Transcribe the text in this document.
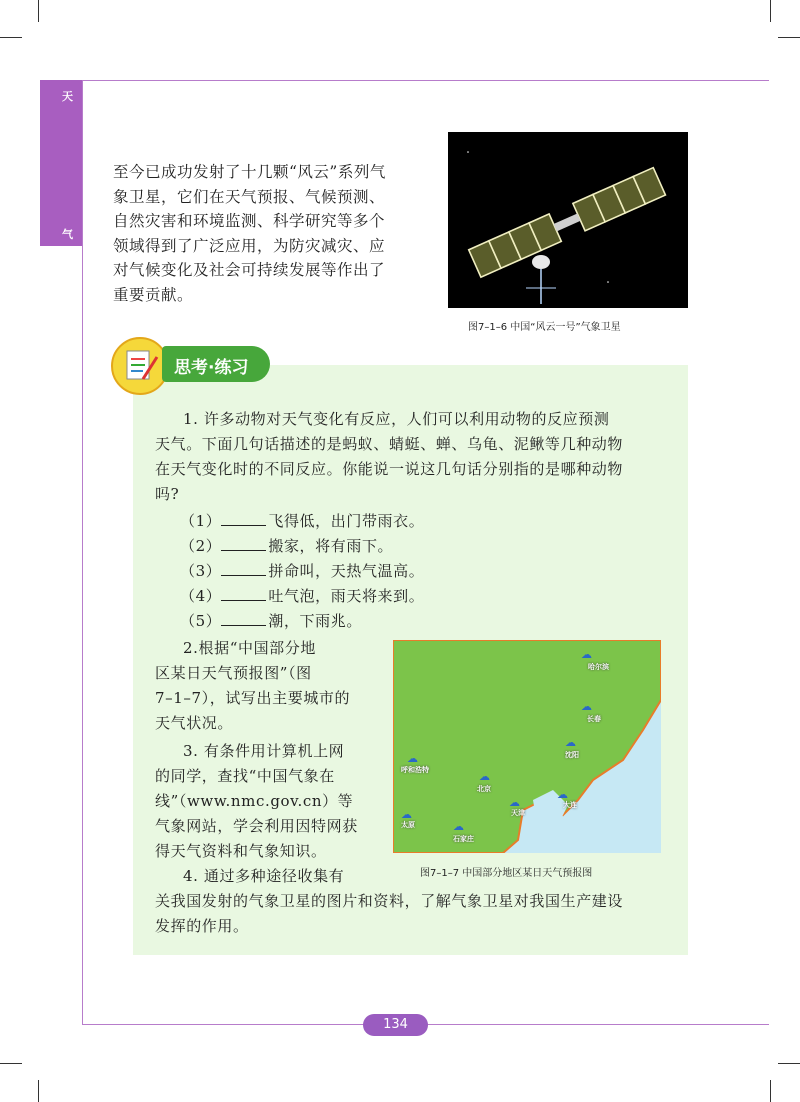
天
气
至今已成功发射了十几颗“风云”系列气
象卫星，它们在天气预报、气候预测、
自然灾害和环境监测、科学研究等多个
领域得到了广泛应用，为防灾减灾、应
对气候变化及社会可持续发展等作出了
重要贡献。
图7–1–6 中国“风云一号”气象卫星
思考·练习
1. 许多动物对天气变化有反应，人们可以利用动物的反应预测
天气。下面几句话描述的是蚂蚁、蜻蜓、蝉、乌龟、泥鳅等几种动物
在天气变化时的不同反应。你能说一说这几句话分别指的是哪种动物
吗?
（1）	飞得低，出门带雨衣。
（2）	搬家，将有雨下。
（3）	拼命叫，天热气温高。
（4）	吐气泡，雨天将来到。
（5）	潮，下雨兆。
2.根据“中国部分地
区某日天气预报图”（图
7–1–7），试写出主要城市的
天气状况。
3. 有条件用计算机上网
的同学，查找“中国气象在
线”（www.nmc.gov.cn）等
气象网站，学会利用因特网获
得天气资料和气象知识。
4. 通过多种途径收集有
关我国发射的气象卫星的图片和资料，了解气象卫星对我国生产建设
发挥的作用。
☁
哈尔滨
☁
长春
☁
沈阳
☁
呼和浩特	☁
北京
☁
天津
☁
大连
☁
太原	☁
石家庄
图7–1–7 中国部分地区某日天气预报图
134
